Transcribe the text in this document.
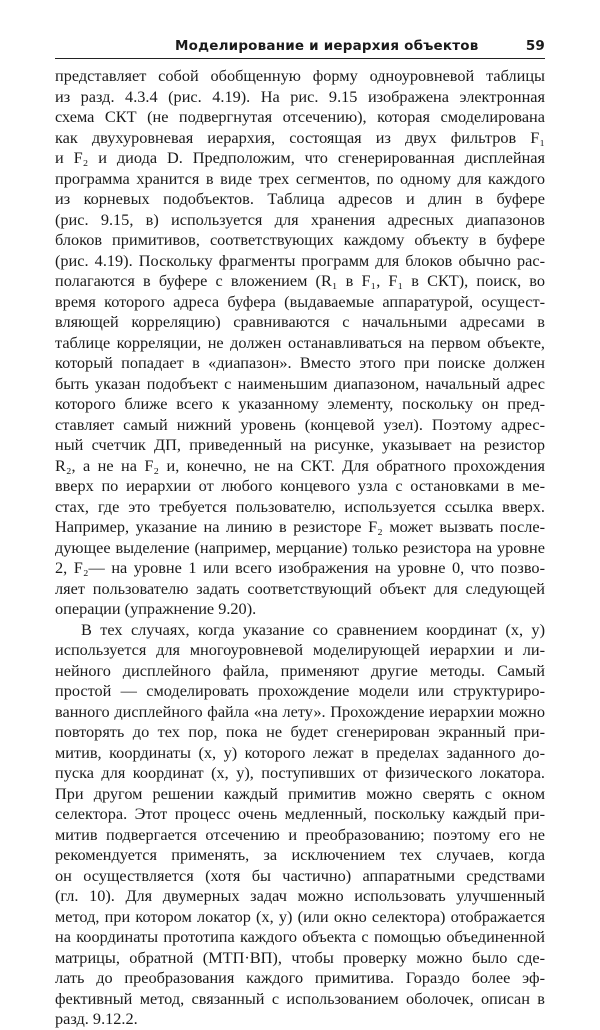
Моделирование и иерархия объектов	59
представляет собой обобщенную форму одноуровневой таблицы
из разд. 4.3.4 (рис. 4.19). На рис. 9.15 изображена электронная
схема СКТ (не подвергнутая отсечению), которая смоделирована
как двухуровневая иерархия, состоящая из двух фильтров F₁
и F₂ и диода D. Предположим, что сгенерированная дисплейная
программа хранится в виде трех сегментов, по одному для каждого
из корневых подобъектов. Таблица адресов и длин в буфере
(рис. 9.15, в) используется для хранения адресных диапазонов
блоков примитивов, соответствующих каждому объекту в буфере
(рис. 4.19). Поскольку фрагменты программ для блоков обычно рас-
полагаются в буфере с вложением (R₁ в F₁, F₁ в СКТ), поиск, во
время которого адреса буфера (выдаваемые аппаратурой, осущест-
вляющей корреляцию) сравниваются с начальными адресами в
таблице корреляции, не должен останавливаться на первом объекте,
который попадает в «диапазон». Вместо этого при поиске должен
быть указан подобъект с наименьшим диапазоном, начальный адрес
которого ближе всего к указанному элементу, поскольку он пред-
ставляет самый нижний уровень (концевой узел). Поэтому адрес-
ный счетчик ДП, приведенный на рисунке, указывает на резистор
R₂, а не на F₂ и, конечно, не на СКТ. Для обратного прохождения
вверх по иерархии от любого концевого узла с остановками в ме-
стах, где это требуется пользователю, используется ссылка вверх.
Например, указание на линию в резисторе F₂ может вызвать после-
дующее выделение (например, мерцание) только резистора на уровне
2, F₂— на уровне 1 или всего изображения на уровне 0, что позво-
ляет пользователю задать соответствующий объект для следующей
операции (упражнение 9.20).
В тех случаях, когда указание со сравнением координат (x, y)
используется для многоуровневой моделирующей иерархии и ли-
нейного дисплейного файла, применяют другие методы. Самый
простой — смоделировать прохождение модели или структуриро-
ванного дисплейного файла «на лету». Прохождение иерархии можно
повторять до тех пор, пока не будет сгенерирован экранный при-
митив, координаты (x, y) которого лежат в пределах заданного до-
пуска для координат (x, y), поступивших от физического локатора.
При другом решении каждый примитив можно сверять с окном
селектора. Этот процесс очень медленный, поскольку каждый при-
митив подвергается отсечению и преобразованию; поэтому его не
рекомендуется применять, за исключением тех случаев, когда
он осуществляется (хотя бы частично) аппаратными средствами
(гл. 10). Для двумерных задач можно использовать улучшенный
метод, при котором локатор (x, y) (или окно селектора) отображается
на координаты прототипа каждого объекта с помощью объединенной
матрицы, обратной (МТП·ВП), чтобы проверку можно было сде-
лать до преобразования каждого примитива. Гораздо более эф-
фективный метод, связанный с использованием оболочек, описан в
разд. 9.12.2.
